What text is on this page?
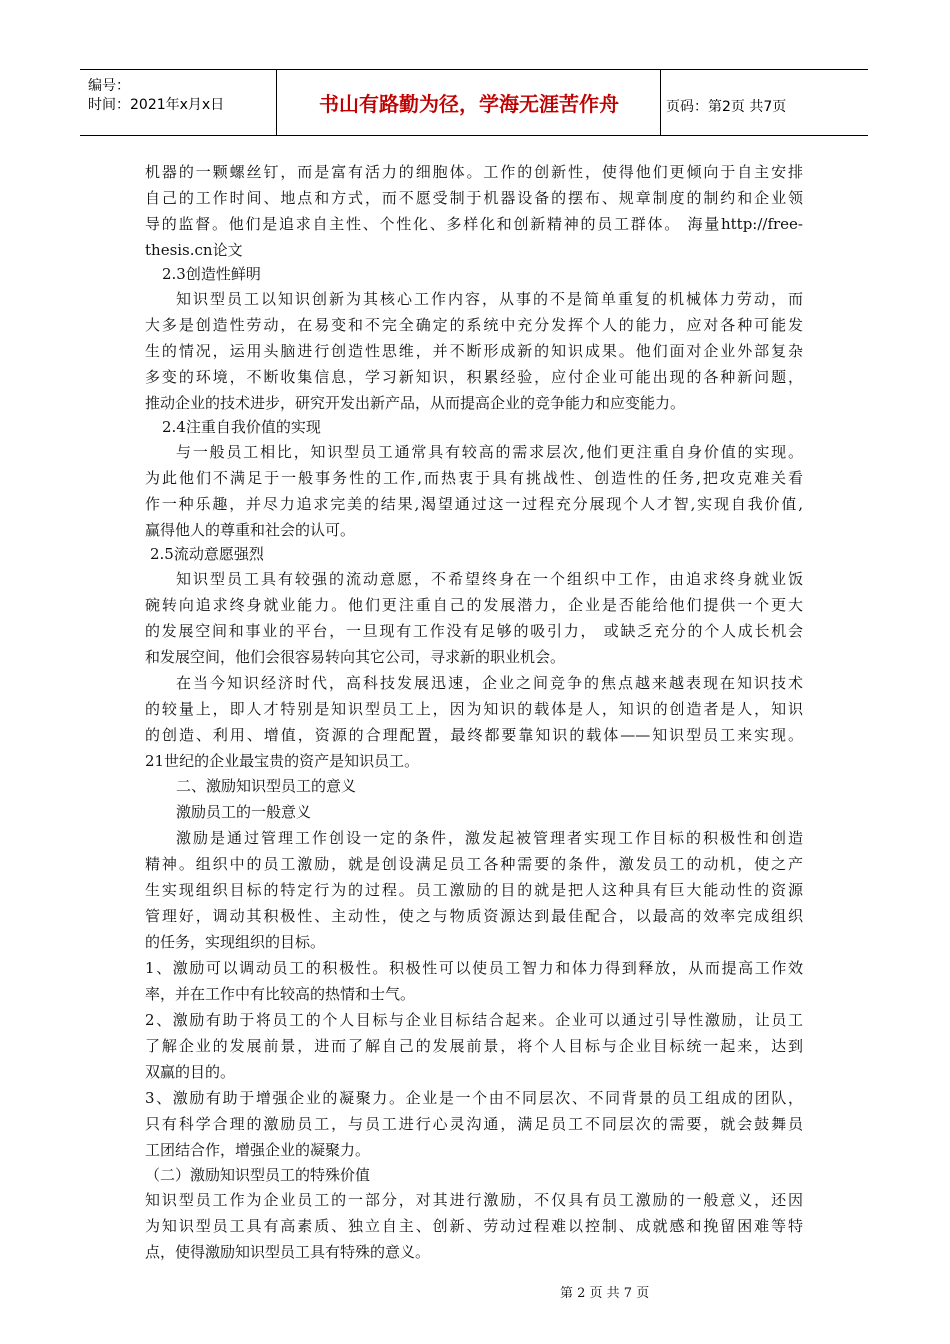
编号：
时间：2021年x月x日	书山有路勤为径，学海无涯苦作舟	页码：第2页 共7页
机器的一颗螺丝钉，而是富有活力的细胞体。工作的创新性，使得他们更倾向于自主安排
自己的工作时间、地点和方式，而不愿受制于机器设备的摆布、规章制度的制约和企业领
导的监督。他们是追求自主性、个性化、多样化和创新精神的员工群体。 海量http://free-
thesis.cn论文
2.3创造性鲜明
知识型员工以知识创新为其核心工作内容，从事的不是简单重复的机械体力劳动，而
大多是创造性劳动，在易变和不完全确定的系统中充分发挥个人的能力，应对各种可能发
生的情况，运用头脑进行创造性思维，并不断形成新的知识成果。他们面对企业外部复杂
多变的环境，不断收集信息，学习新知识，积累经验，应付企业可能出现的各种新问题，
推动企业的技术进步，研究开发出新产品，从而提高企业的竞争能力和应变能力。
2.4注重自我价值的实现
与一般员工相比，知识型员工通常具有较高的需求层次,他们更注重自身价值的实现。
为此他们不满足于一般事务性的工作,而热衷于具有挑战性、创造性的任务,把攻克难关看
作一种乐趣，并尽力追求完美的结果,渴望通过这一过程充分展现个人才智,实现自我价值,
赢得他人的尊重和社会的认可。
2.5流动意愿强烈
知识型员工具有较强的流动意愿，不希望终身在一个组织中工作，由追求终身就业饭
碗转向追求终身就业能力。他们更注重自己的发展潜力，企业是否能给他们提供一个更大
的发展空间和事业的平台，一旦现有工作没有足够的吸引力， 或缺乏充分的个人成长机会
和发展空间，他们会很容易转向其它公司，寻求新的职业机会。
在当今知识经济时代，高科技发展迅速，企业之间竞争的焦点越来越表现在知识技术
的较量上，即人才特别是知识型员工上，因为知识的载体是人，知识的创造者是人，知识
的创造、利用、增值，资源的合理配置，最终都要靠知识的载体——知识型员工来实现。
21世纪的企业最宝贵的资产是知识员工。
二、激励知识型员工的意义
激励员工的一般意义
激励是通过管理工作创设一定的条件，激发起被管理者实现工作目标的积极性和创造
精神。组织中的员工激励，就是创设满足员工各种需要的条件，激发员工的动机，使之产
生实现组织目标的特定行为的过程。员工激励的目的就是把人这种具有巨大能动性的资源
管理好，调动其积极性、主动性，使之与物质资源达到最佳配合，以最高的效率完成组织
的任务，实现组织的目标。
1、激励可以调动员工的积极性。积极性可以使员工智力和体力得到释放，从而提高工作效
率，并在工作中有比较高的热情和士气。
2、激励有助于将员工的个人目标与企业目标结合起来。企业可以通过引导性激励，让员工
了解企业的发展前景，进而了解自己的发展前景，将个人目标与企业目标统一起来，达到
双赢的目的。
3、激励有助于增强企业的凝聚力。企业是一个由不同层次、不同背景的员工组成的团队，
只有科学合理的激励员工，与员工进行心灵沟通，满足员工不同层次的需要，就会鼓舞员
工团结合作，增强企业的凝聚力。
（二）激励知识型员工的特殊价值
知识型员工作为企业员工的一部分，对其进行激励，不仅具有员工激励的一般意义，还因
为知识型员工具有高素质、独立自主、创新、劳动过程难以控制、成就感和挽留困难等特
点，使得激励知识型员工具有特殊的意义。
第 2 页 共 7 页
